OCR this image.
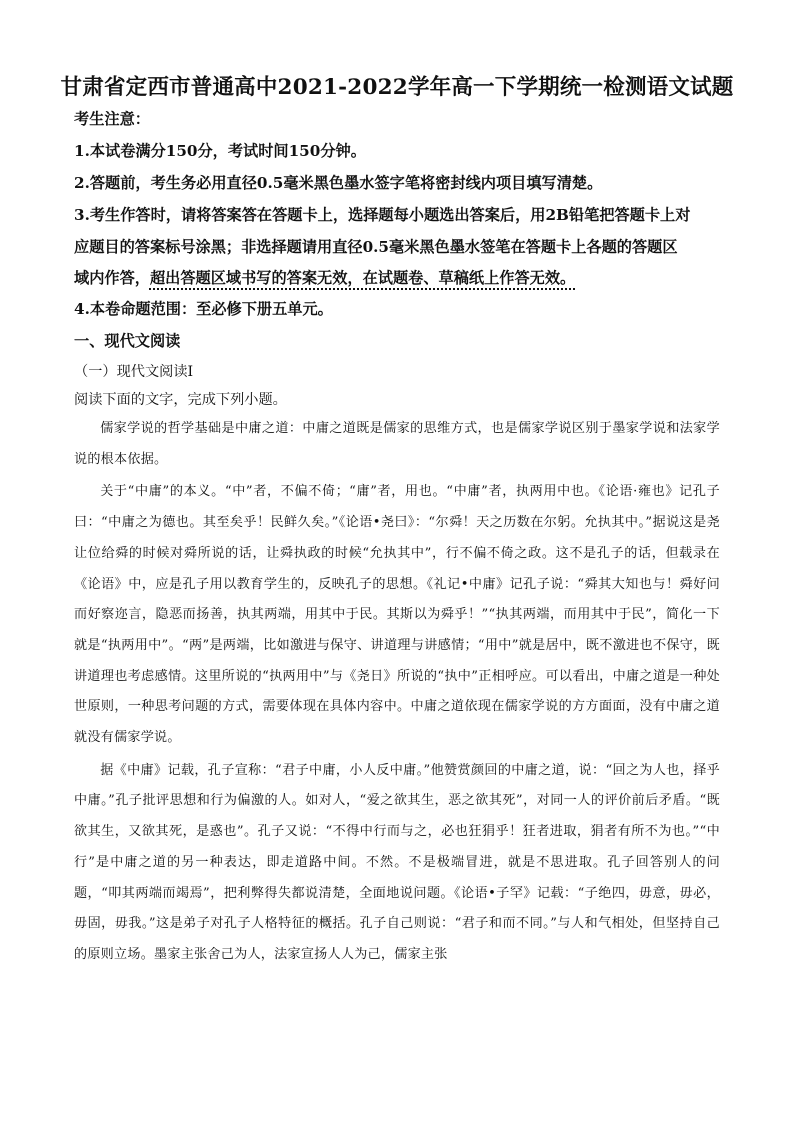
甘肃省定西市普通高中2021-2022学年高一下学期统一检测语文试题
考生注意：
1.本试卷满分150分，考试时间150分钟。
2.答题前，考生务必用直径0.5毫米黑色墨水签字笔将密封线内项目填写清楚。
3.考生作答时，请将答案答在答题卡上，选择题每小题选出答案后，用2B铅笔把答题卡上对
应题目的答案标号涂黑；非选择题请用直径0.5毫米黑色墨水签笔在答题卡上各题的答题区
域内作答，超出答题区域书写的答案无效，在试题卷、草稿纸上作答无效。
4.本卷命题范围：至必修下册五单元。
一、现代文阅读
（一）现代文阅读Ⅰ
阅读下面的文字，完成下列小题。

儒家学说的哲学基础是中庸之道：中庸之道既是儒家的思维方式，也是儒家学说区别于墨家学说和法家学说的根本依据。

关于“中庸”的本义。“中”者，不偏不倚；“庸”者，用也。“中庸”者，执两用中也。《论语·雍也》记孔子曰：“中庸之为德也。其至矣乎！民鲜久矣。”《论语•尧曰》：“尔舜！天之历数在尔躬。允执其中。”据说这是尧让位给舜的时候对舜所说的话，让舜执政的时候“允执其中”，行不偏不倚之政。这不是孔子的话，但载录在《论语》中，应是孔子用以教育学生的，反映孔子的思想。《礼记•中庸》记孔子说：“舜其大知也与！舜好问而好察迩言，隐恶而扬善，执其两端，用其中于民。其斯以为舜乎！”“执其两端，而用其中于民”，简化一下就是“执两用中”。“两”是两端，比如激进与保守、讲道理与讲感情；“用中”就是居中，既不激进也不保守，既讲道理也考虑感情。这里所说的“执两用中”与《尧日》所说的“执中”正相呼应。可以看出，中庸之道是一种处世原则，一种思考问题的方式，需要体现在具体内容中。中庸之道依现在儒家学说的方方面面，没有中庸之道就没有儒家学说。

据《中庸》记载，孔子宣称：“君子中庸，小人反中庸。”他赞赏颜回的中庸之道，说：“回之为人也，择乎中庸。”孔子批评思想和行为偏激的人。如对人，“爱之欲其生，恶之欲其死”，对同一人的评价前后矛盾。“既欲其生，又欲其死，是惑也”。孔子又说：“不得中行而与之，必也狂狷乎！狂者进取，狷者有所不为也。”“中行”是中庸之道的另一种表达，即走道路中间。不然。不是极端冒进，就是不思进取。孔子回答别人的问题，“叩其两端而竭焉”，把利弊得失都说清楚，全面地说问题。《论语•子罕》记载：“子绝四，毋意，毋必，毋固，毋我。”这是弟子对孔子人格特征的概括。孔子自己则说：“君子和而不同。”与人和气相处，但坚持自己的原则立场。墨家主张舍己为人，法家宣扬人人为己，儒家主张
